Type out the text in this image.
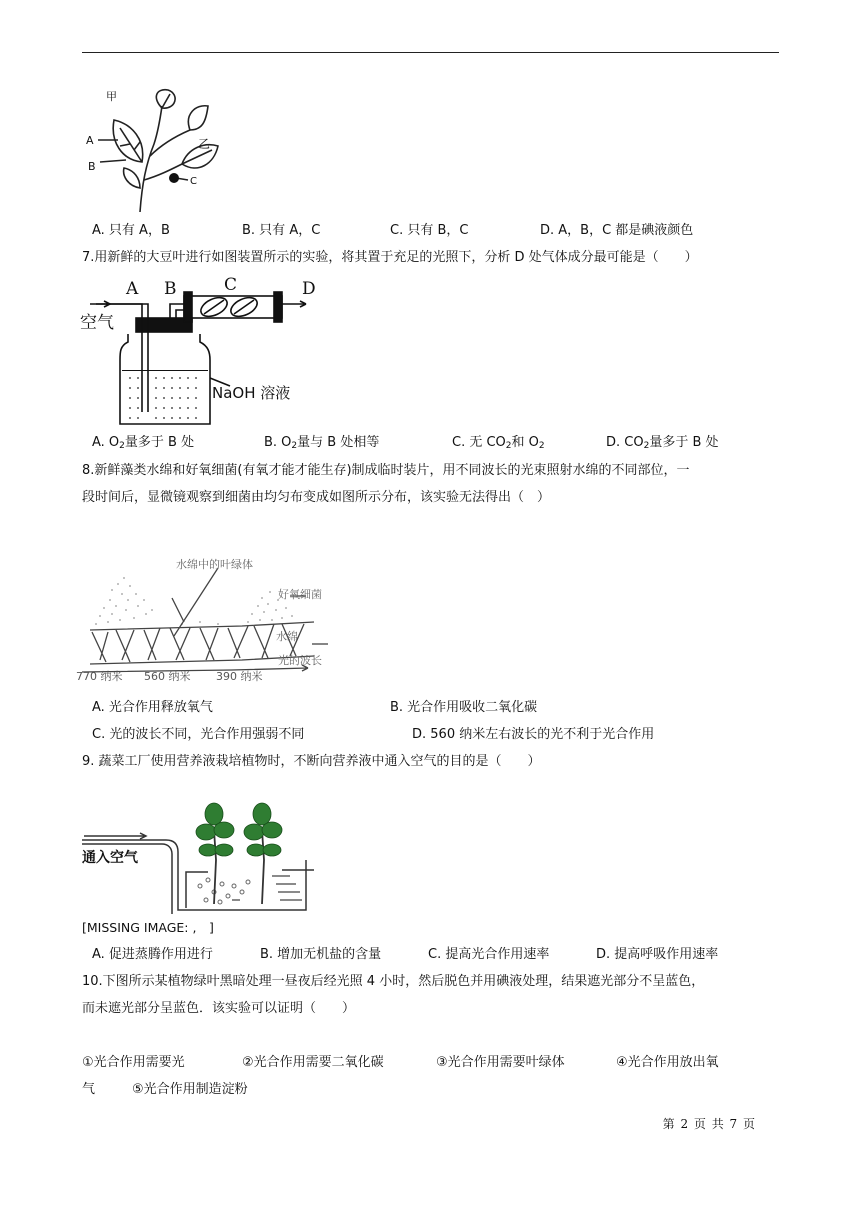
甲
A
B
乙
C
A. 只有 A，B	B. 只有 A，C	C. 只有 B，C	D. A，B，C 都是碘液颜色
7.用新鲜的大豆叶进行如图装置所示的实验，将其置于充足的光照下，分析 D 处气体成分最可能是（　　）
A B	C	D
空气
NaOH 溶液
A. $O_2$量多于 B 处	B. $O_2$量与 B 处相等	C. 无 $CO_2$和 $O_2$	D. $CO_2$量多于 B 处
8.新鲜藻类水绵和好氧细菌(有氧才能才能生存)制成临时装片，用不同波长的光束照射水绵的不同部位，一
段时间后，显微镜观察到细菌由均匀布变成如图所示分布，该实验无法得出（　）
水绵中的叶绿体
好氧细菌
水绵
光的波长
770 纳米 560 纳米 390 纳米
A. 光合作用释放氧气	B. 光合作用吸收二氧化碳
C. 光的波长不同，光合作用强弱不同	D. 560 纳米左右波长的光不利于光合作用
9. 蔬菜工厂使用营养液栽培植物时，不断向营养液中通入空气的目的是（　　）
通入空气
[MISSING IMAGE: ,　]
A. 促进蒸腾作用进行	B. 增加无机盐的含量	C. 提高光合作用速率	D. 提高呼吸作用速率
10.下图所示某植物绿叶黑暗处理一昼夜后经光照 4 小时，然后脱色并用碘液处理，结果遮光部分不呈蓝色，
而未遮光部分呈蓝色．该实验可以证明（　　）
①光合作用需要光	②光合作用需要二氧化碳	③光合作用需要叶绿体	④光合作用放出氧
气	⑤光合作用制造淀粉
第 2 页 共 7 页
